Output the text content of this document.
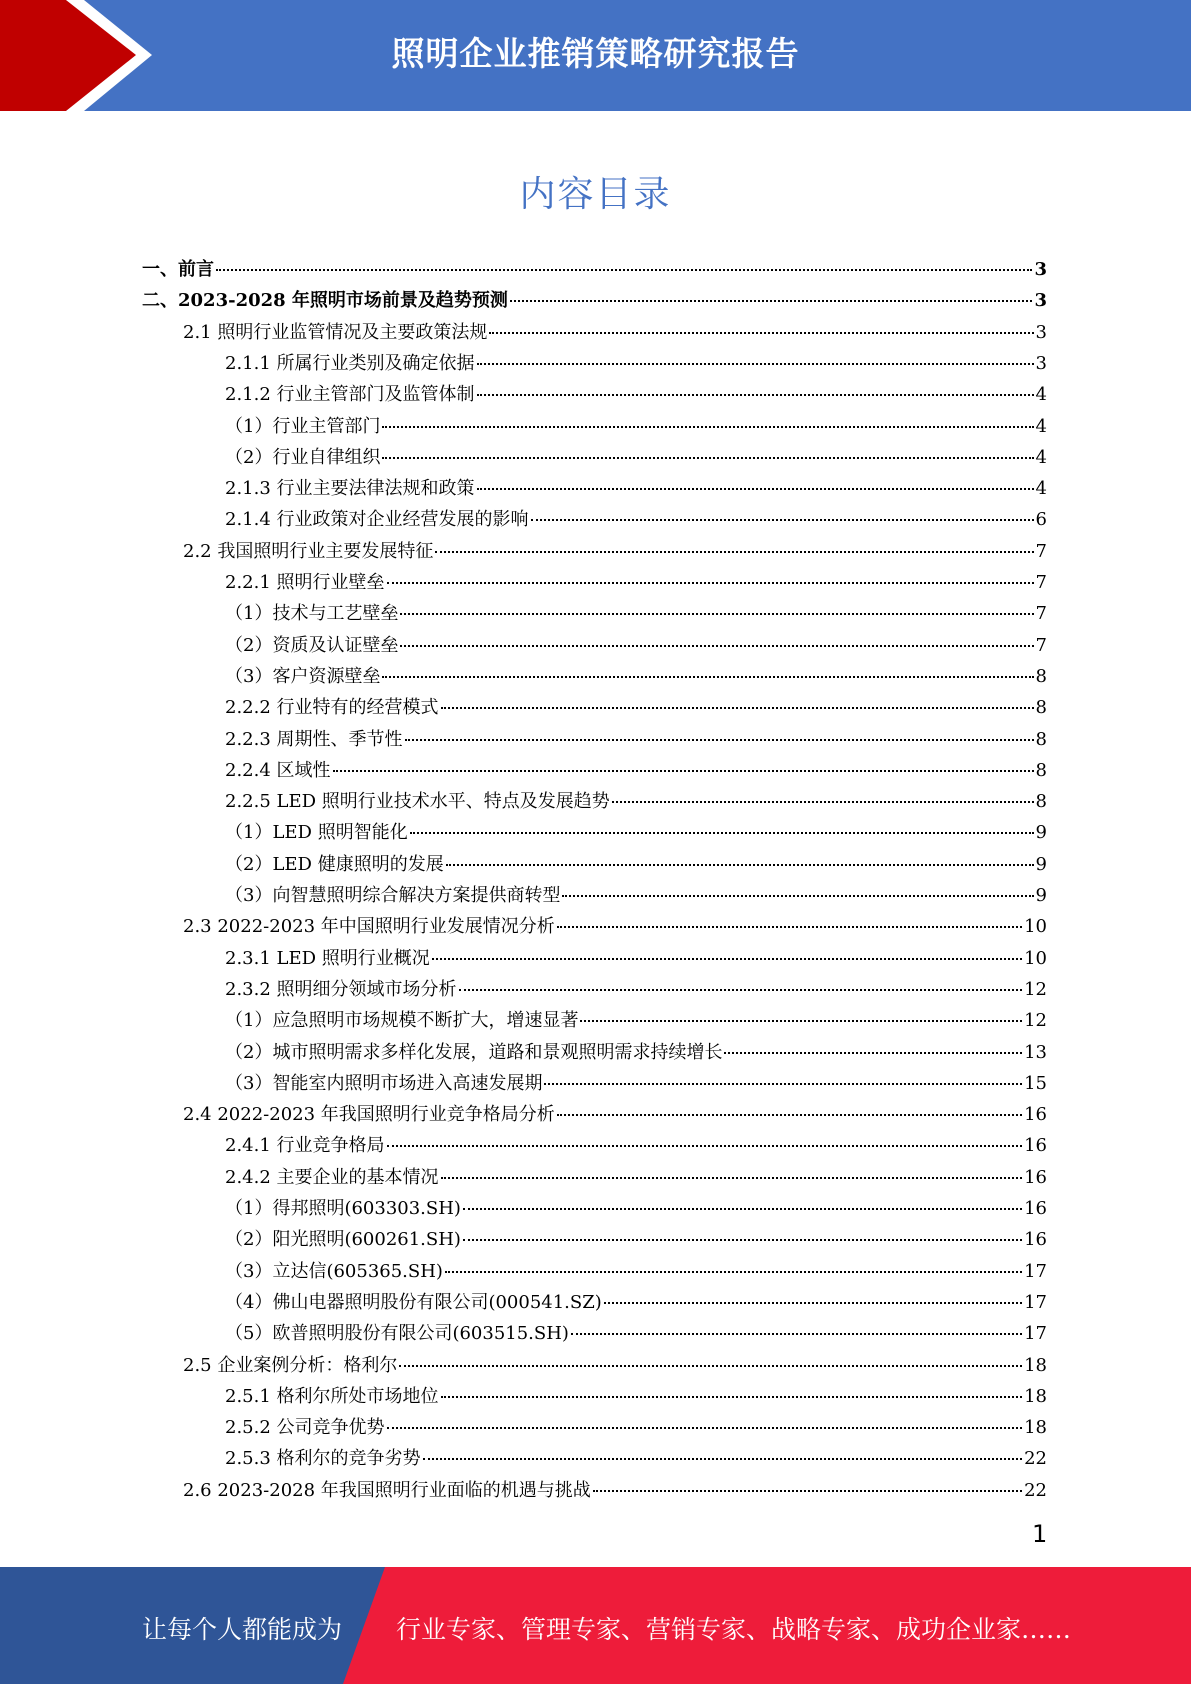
照明企业推销策略研究报告
内容目录
一、前言	3
二、2023-2028 年照明市场前景及趋势预测	3
2.1 照明行业监管情况及主要政策法规	3
2.1.1 所属行业类别及确定依据	3
2.1.2 行业主管部门及监管体制	4
（1）行业主管部门	4
（2）行业自律组织	4
2.1.3 行业主要法律法规和政策	4
2.1.4 行业政策对企业经营发展的影响	6
2.2 我国照明行业主要发展特征	7
2.2.1 照明行业壁垒	7
（1）技术与工艺壁垒	7
（2）资质及认证壁垒	7
（3）客户资源壁垒	8
2.2.2 行业特有的经营模式	8
2.2.3 周期性、季节性	8
2.2.4 区域性	8
2.2.5 LED 照明行业技术水平、特点及发展趋势	8
（1）LED 照明智能化	9
（2）LED 健康照明的发展	9
（3）向智慧照明综合解决方案提供商转型	9
2.3 2022-2023 年中国照明行业发展情况分析	10
2.3.1 LED 照明行业概况	10
2.3.2 照明细分领域市场分析	12
（1）应急照明市场规模不断扩大，增速显著	12
（2）城市照明需求多样化发展，道路和景观照明需求持续增长	13
（3）智能室内照明市场进入高速发展期	15
2.4 2022-2023 年我国照明行业竞争格局分析	16
2.4.1 行业竞争格局	16
2.4.2 主要企业的基本情况	16
（1）得邦照明(603303.SH)	16
（2）阳光照明(600261.SH)	16
（3）立达信(605365.SH)	17
（4）佛山电器照明股份有限公司(000541.SZ)	17
（5）欧普照明股份有限公司(603515.SH)	17
2.5 企业案例分析：格利尔	18
2.5.1 格利尔所处市场地位	18
2.5.2 公司竞争优势	18
2.5.3 格利尔的竞争劣势	22
2.6 2023-2028 年我国照明行业面临的机遇与挑战	22
1
让每个人都能成为 行业专家、管理专家、营销专家、战略专家、成功企业家……
